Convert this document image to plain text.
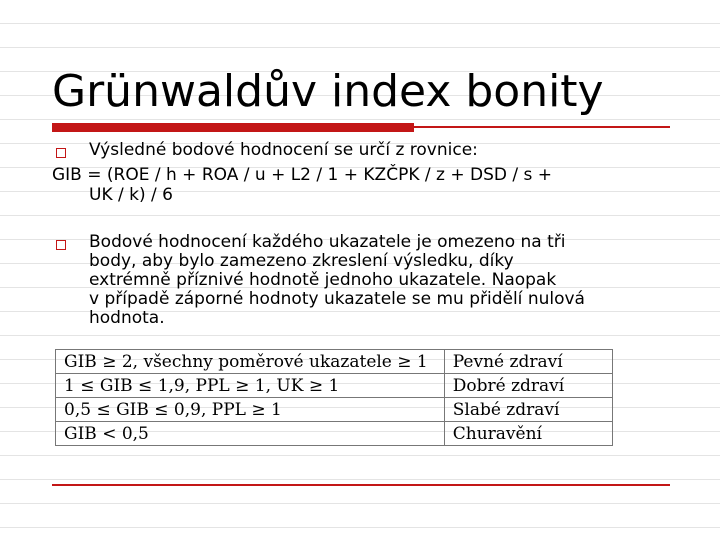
Grünwaldův index bonity
Výsledné bodové hodnocení se určí z rovnice:
GIB = (ROE / h + ROA / u + L2 / 1 + KZČPK / z + DSD / s +
UK / k) / 6
Bodové hodnocení každého ukazatele je omezeno na tři
body, aby bylo zamezeno zkreslení výsledku, díky
extrémně příznivé hodnotě jednoho ukazatele. Naopak
v případě záporné hodnoty ukazatele se mu přidělí nulová
hodnota.
GIB ≥ 2, všechny poměrové ukazatele ≥ 1	Pevné zdraví
1 ≤ GIB ≤ 1,9, PPL ≥ 1, UK ≥ 1	Dobré zdraví
0,5 ≤ GIB ≤ 0,9, PPL ≥ 1	Slabé zdraví
GIB < 0,5	Churavění
